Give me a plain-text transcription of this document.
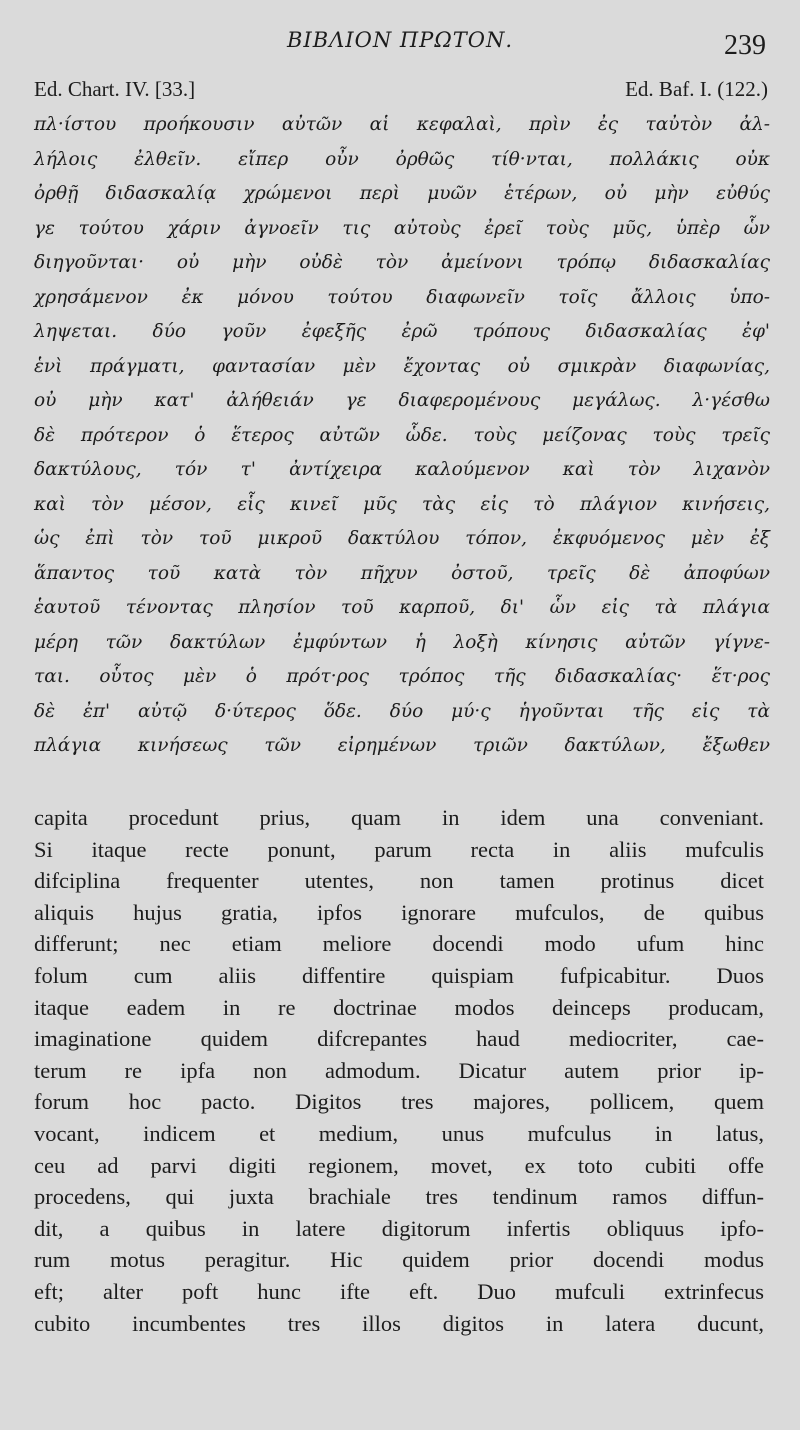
ΒΙΒΛΙΟΝ ΠΡΩΤΟΝ.	239
Ed. Chart. IV. [33.]	Ed. Baf. I. (122.)
πλ·ίστου προήκουσιν αὐτῶν αἱ κεφαλαὶ, πρὶν ἐς ταὐτὸν ἀλ-
λήλοις ἐλθεῖν. εἴπερ οὖν ὀρθῶς τίθ·νται, πολλάκις οὐκ
ὀρθῇ διδασκαλίᾳ χρώμενοι περὶ μυῶν ἑτέρων, οὐ μὴν εὐθύς
γε τούτου χάριν ἀγνοεῖν τις αὐτοὺς ἐρεῖ τοὺς μῦς, ὑπὲρ ὧν
διηγοῦνται· οὐ μὴν οὐδὲ τὸν ἀμείνονι τρόπῳ διδασκαλίας
χρησάμενον ἐκ μόνου τούτου διαφωνεῖν τοῖς ἄλλοις ὑπο-
ληψεται. δύο γοῦν ἐφεξῆς ἐρῶ τρόπους διδασκαλίας ἐφ'
ἑνὶ πράγματι, φαντασίαν μὲν ἔχοντας οὐ σμικρὰν διαφωνίας,
οὐ μὴν κατ' ἀλήθειάν γε διαφερομένους μεγάλως. λ·γέσθω
δὲ πρότερον ὁ ἕτερος αὐτῶν ὧδε. τοὺς μείζονας τοὺς τρεῖς
δακτύλους, τόν τ' ἀντίχειρα καλούμενον καὶ τὸν λιχανὸν
καὶ τὸν μέσον, εἷς κινεῖ μῦς τὰς εἰς τὸ πλάγιον κινήσεις,
ὡς ἐπὶ τὸν τοῦ μικροῦ δακτύλου τόπον, ἐκφυόμενος μὲν ἐξ
ἅπαντος τοῦ κατὰ τὸν πῆχυν ὀστοῦ, τρεῖς δὲ ἀποφύων
ἑαυτοῦ τένοντας πλησίον τοῦ καρποῦ, δι' ὧν εἰς τὰ πλάγια
μέρη τῶν δακτύλων ἐμφύντων ἡ λοξὴ κίνησις αὐτῶν γίγνε-
ται. οὗτος μὲν ὁ πρότ·ρος τρόπος τῆς διδασκαλίας· ἕτ·ρος
δὲ ἐπ' αὐτῷ δ·ύτερος ὅδε. δύο μύ·ς ἡγοῦνται τῆς εἰς τὰ
πλάγια κινήσεως τῶν εἰρημένων τριῶν δακτύλων, ἔξωθεν
capita procedunt prius, quam in idem una conveniant.
Si itaque recte ponunt, parum recta in aliis mufculis
difciplina frequenter utentes, non tamen protinus dicet
aliquis hujus gratia, ipfos ignorare mufculos, de quibus
differunt; nec etiam meliore docendi modo ufum hinc
folum cum aliis diffentire quispiam fufpicabitur. Duos
itaque eadem in re doctrinae modos deinceps producam,
imaginatione quidem difcrepantes haud mediocriter, cae-
terum re ipfa non admodum. Dicatur autem prior ip-
forum hoc pacto. Digitos tres majores, pollicem, quem
vocant, indicem et medium, unus mufculus in latus,
ceu ad parvi digiti regionem, movet, ex toto cubiti offe
procedens, qui juxta brachiale tres tendinum ramos diffun-
dit, a quibus in latere digitorum infertis obliquus ipfo-
rum motus peragitur. Hic quidem prior docendi modus
eft; alter poft hunc ifte eft. Duo mufculi extrinfecus
cubito incumbentes tres illos digitos in latera ducunt,
